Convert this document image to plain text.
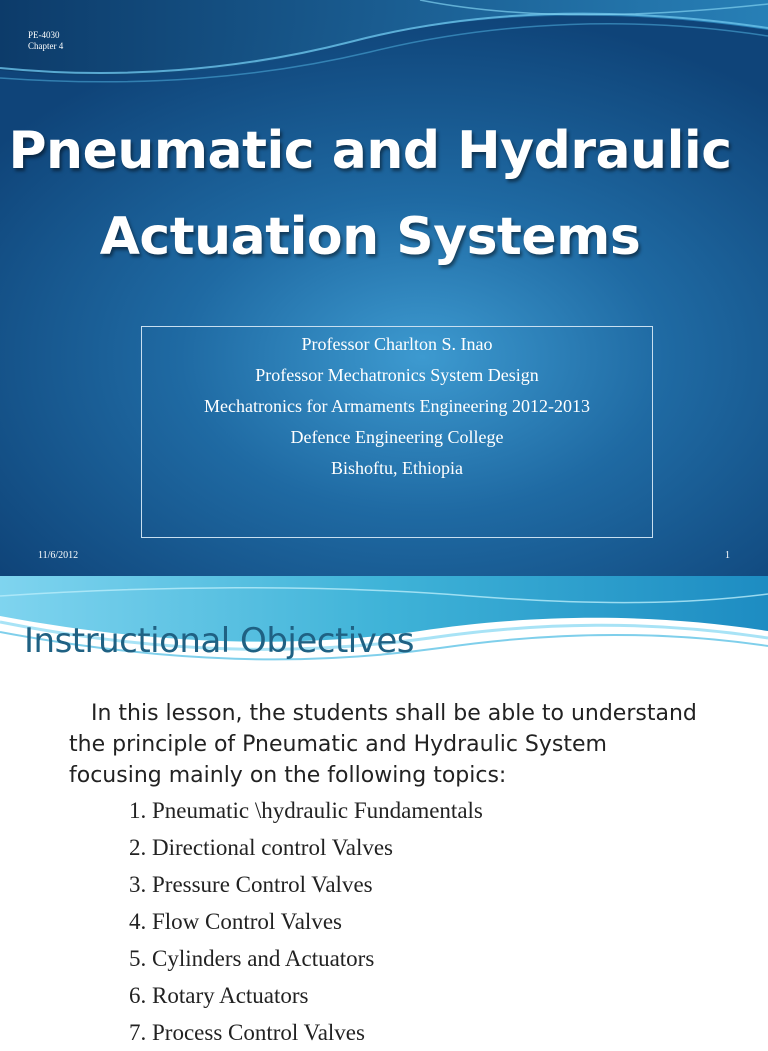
PE-4030
Chapter 4
Pneumatic and Hydraulic
Actuation Systems
Professor Charlton S. Inao
Professor Mechatronics System Design
Mechatronics for Armaments Engineering 2012-2013
Defence Engineering College
Bishoftu, Ethiopia
11/6/2012	1
Instructional Objectives
In this lesson, the students shall be able to understand
the principle of Pneumatic and Hydraulic System
focusing mainly on the following topics:
1. Pneumatic \hydraulic Fundamentals
2. Directional control Valves
3. Pressure Control Valves
4. Flow Control Valves
5. Cylinders and Actuators
6. Rotary Actuators
7. Process Control Valves
